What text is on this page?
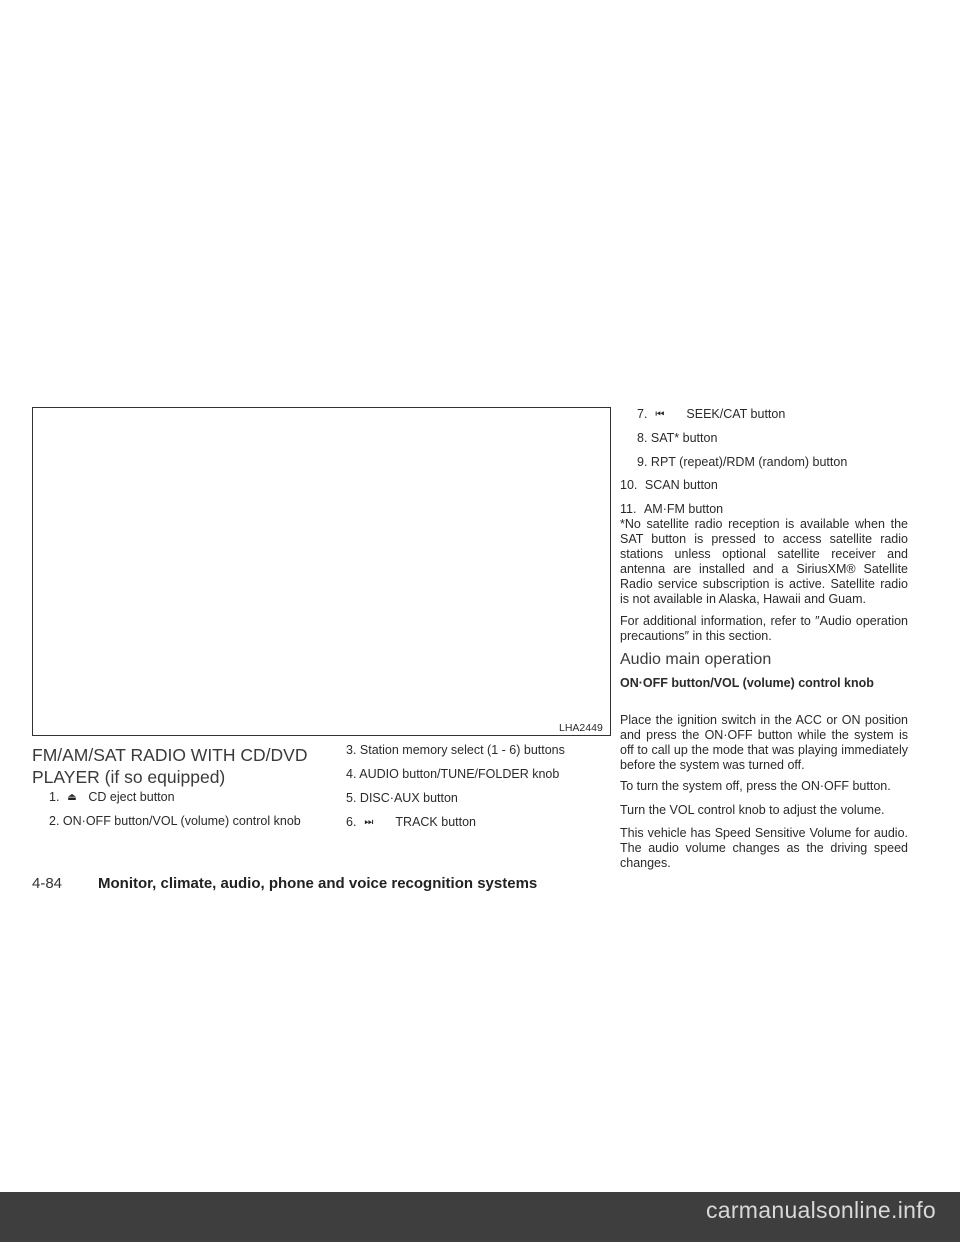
LHA2449
FM/AM/SAT RADIO WITH CD/DVD PLAYER (if so equipped)
1. ⏏ CD eject button
2. ON·OFF button/VOL (volume) control knob
3. Station memory select (1 - 6) buttons
4. AUDIO button/TUNE/FOLDER knob
5. DISC·AUX button
6. ⏭ TRACK button
7. ⏮ SEEK/CAT button
8. SAT* button
9. RPT (repeat)/RDM (random) button
10. SCAN button
11. AM·FM button
*No satellite radio reception is available when the SAT button is pressed to access satellite radio stations unless optional satellite receiver and antenna are installed and a SiriusXM® Satellite Radio service subscription is active. Satellite radio is not available in Alaska, Hawaii and Guam.
For additional information, refer to ″Audio operation precautions″ in this section.
Audio main operation
ON·OFF button/VOL (volume) control knob
Place the ignition switch in the ACC or ON position and press the ON·OFF button while the system is off to call up the mode that was playing immediately before the system was turned off.
To turn the system off, press the ON·OFF button.
Turn the VOL control knob to adjust the volume.
This vehicle has Speed Sensitive Volume for audio. The audio volume changes as the driving speed changes.
4-84 Monitor, climate, audio, phone and voice recognition systems
carmanualsonline.info
